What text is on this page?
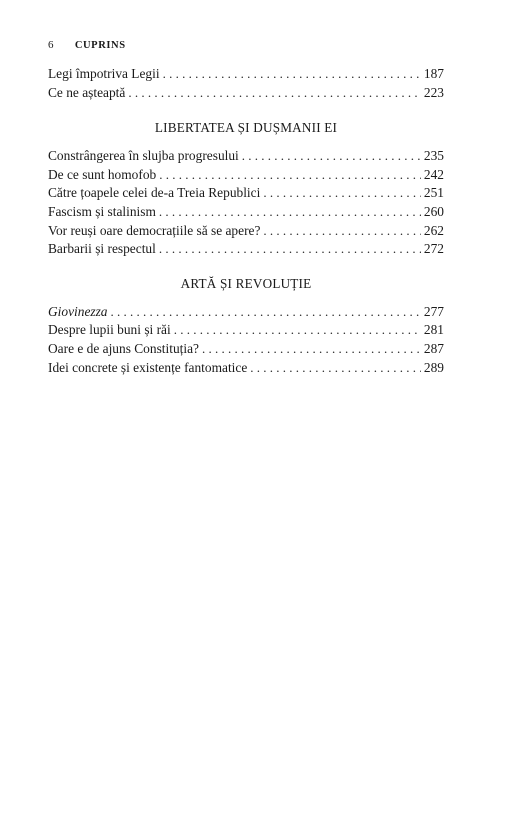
6 CUPRINS
Legi împotriva Legii . . .	187
Ce ne așteaptă . . .	223
LIBERTATEA ȘI DUȘMANII EI
Constrângerea în slujba progresului . . .	235
De ce sunt homofob . . .	242
Către țoapele celei de-a Treia Republici . . .	251
Fascism și stalinism . . .	260
Vor reuși oare democrațiile să se apere? . . .	262
Barbarii și respectul . . .	272
ARTĂ ȘI REVOLUȚIE
Giovinezza . . .	277
Despre lupii buni și răi . . .	281
Oare e de ajuns Constituția? . . .	287
Idei concrete și existențe fantomatice . . .	289
